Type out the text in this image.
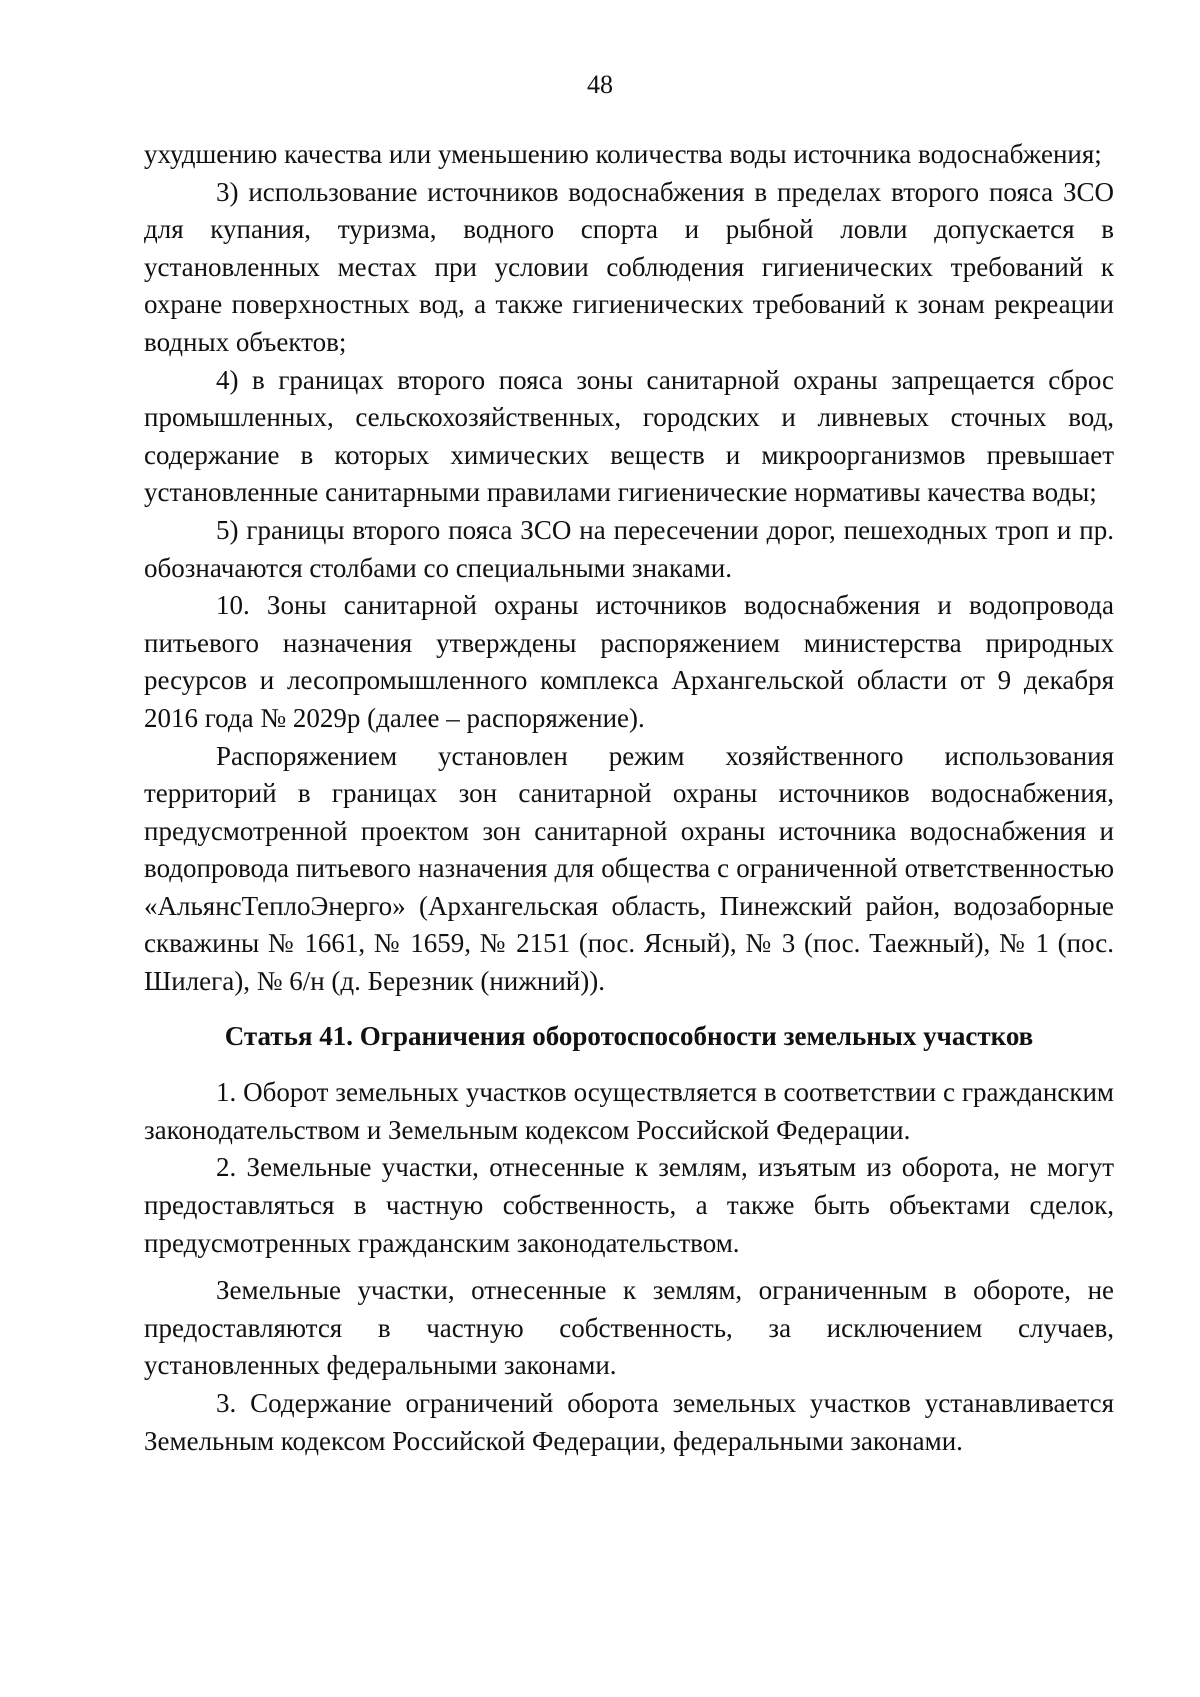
48

ухудшению качества или уменьшению количества воды источника водоснабжения;

3) использование источников водоснабжения в пределах второго пояса ЗСО для купания, туризма, водного спорта и рыбной ловли допускается в установленных местах при условии соблюдения гигиенических требований к охране поверхностных вод, а также гигиенических требований к зонам рекреации водных объектов;

4) в границах второго пояса зоны санитарной охраны запрещается сброс промышленных, сельскохозяйственных, городских и ливневых сточных вод, содержание в которых химических веществ и микроорганизмов превышает установленные санитарными правилами гигиенические нормативы качества воды;

5) границы второго пояса ЗСО на пересечении дорог, пешеходных троп и пр. обозначаются столбами со специальными знаками.

10. Зоны санитарной охраны источников водоснабжения и водопровода питьевого назначения утверждены распоряжением министерства природных ресурсов и лесопромышленного комплекса Архангельской области от 9 декабря 2016 года № 2029р (далее – распоряжение).

Распоряжением установлен режим хозяйственного использования территорий в границах зон санитарной охраны источников водоснабжения, предусмотренной проектом зон санитарной охраны источника водоснабжения и водопровода питьевого назначения для общества с ограниченной ответственностью «АльянсТеплоЭнерго» (Архангельская область, Пинежский район, водозаборные скважины № 1661, № 1659, № 2151 (пос. Ясный), № 3 (пос. Таежный), № 1 (пос. Шилега), № 6/н (д. Березник (нижний)).

Статья 41. Ограничения оборотоспособности земельных участков

1. Оборот земельных участков осуществляется в соответствии с гражданским законодательством и Земельным кодексом Российской Федерации.

2. Земельные участки, отнесенные к землям, изъятым из оборота, не могут предоставляться в частную собственность, а также быть объектами сделок, предусмотренных гражданским законодательством.

Земельные участки, отнесенные к землям, ограниченным в обороте, не предоставляются в частную собственность, за исключением случаев, установленных федеральными законами.

3. Содержание ограничений оборота земельных участков устанавливается Земельным кодексом Российской Федерации, федеральными законами.
